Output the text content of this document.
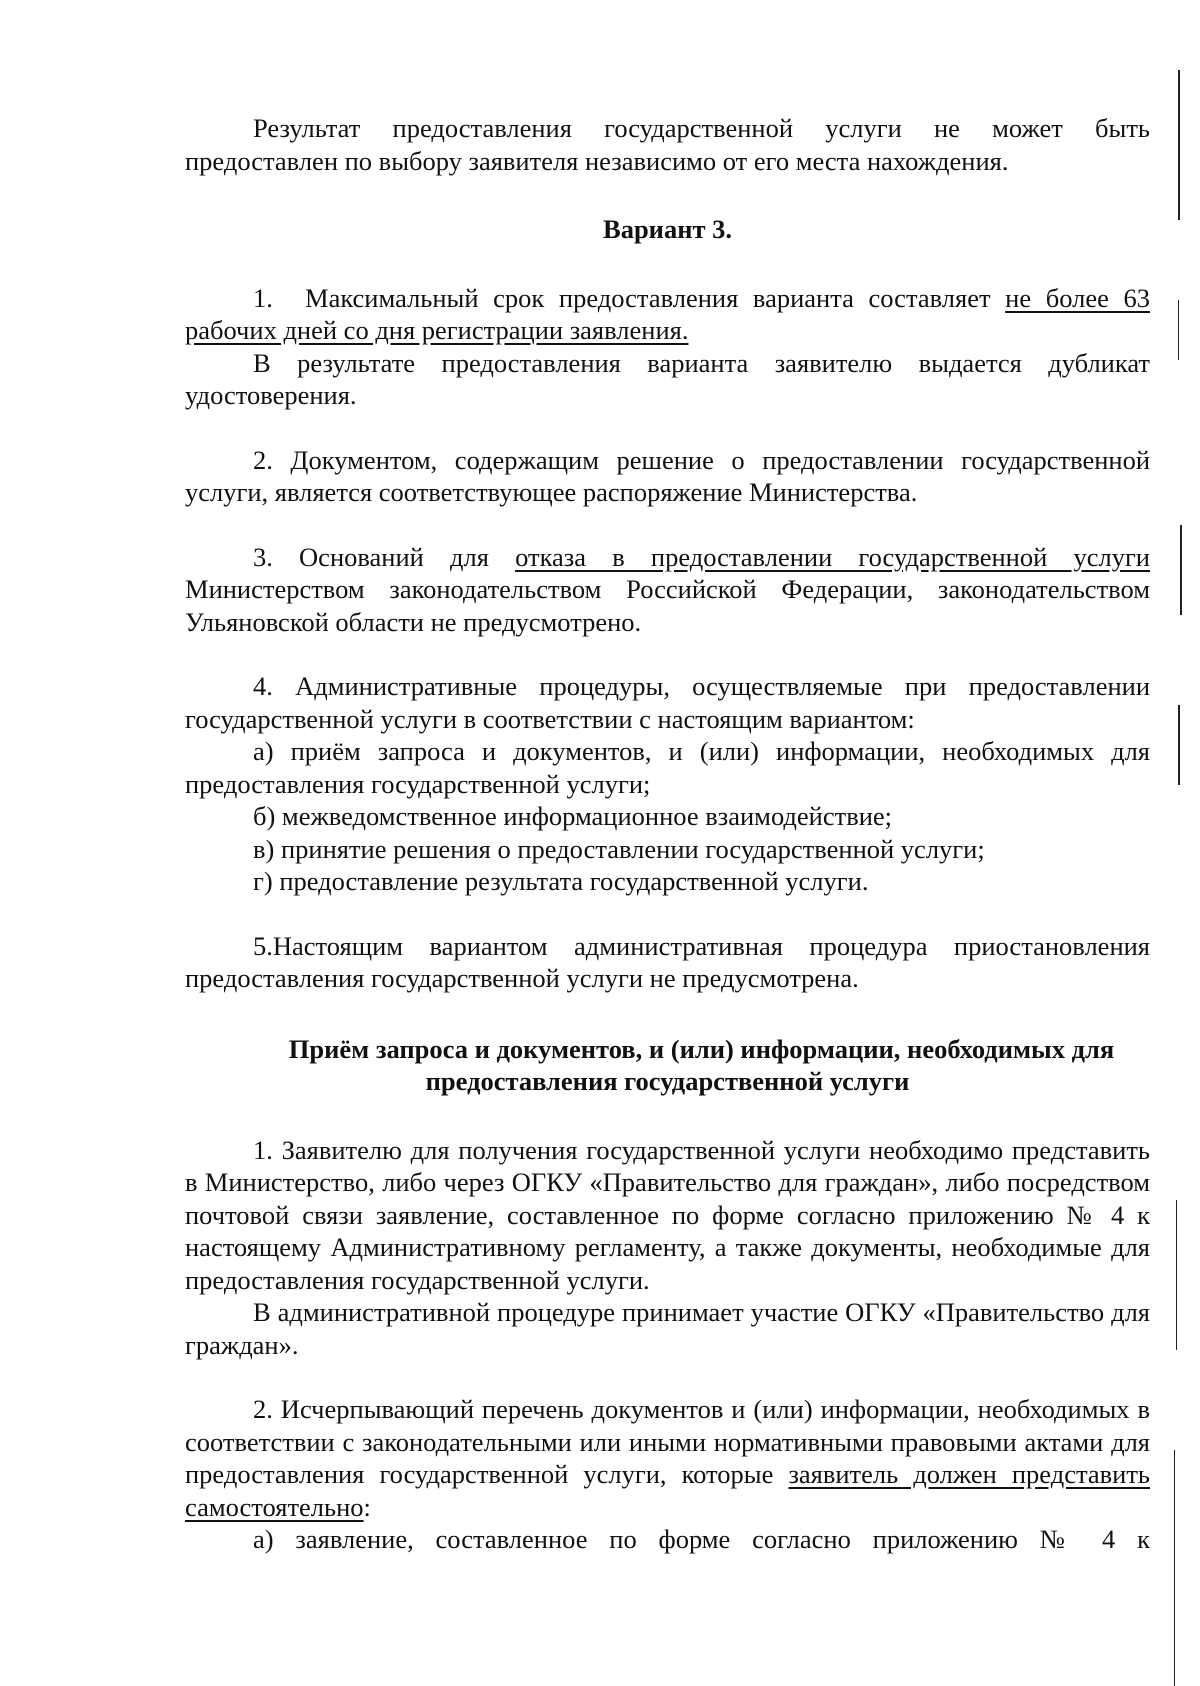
Результат предоставления государственной услуги не может быть предоставлен по выбору заявителя независимо от его места нахождения.

Вариант 3.

1. Максимальный срок предоставления варианта составляет не более 63 рабочих дней со дня регистрации заявления.

В результате предоставления варианта заявителю выдается дубликат удостоверения.

2. Документом, содержащим решение о предоставлении государственной услуги, является соответствующее распоряжение Министерства.

3. Оснований для отказа в предоставлении государственной услуги Министерством законодательством Российской Федерации, законодательством Ульяновской области не предусмотрено.

4. Административные процедуры, осуществляемые при предоставлении государственной услуги в соответствии с настоящим вариантом:

а) приём запроса и документов, и (или) информации, необходимых для предоставления государственной услуги;

б) межведомственное информационное взаимодействие;

в) принятие решения о предоставлении государственной услуги;

г) предоставление результата государственной услуги.

5.Настоящим вариантом административная процедура приостановления предоставления государственной услуги не предусмотрена.

Приём запроса и документов, и (или) информации, необходимых для

предоставления государственной услуги

1. Заявителю для получения государственной услуги необходимо представить в Министерство, либо через ОГКУ «Правительство для граждан», либо посредством почтовой связи заявление, составленное по форме согласно приложению № 4 к настоящему Административному регламенту, а также документы, необходимые для предоставления государственной услуги.

В административной процедуре принимает участие ОГКУ «Правительство для граждан».

2. Исчерпывающий перечень документов и (или) информации, необходимых в соответствии с законодательными или иными нормативными правовыми актами для предоставления государственной услуги, которые заявитель должен представить самостоятельно:

а) заявление, составленное по форме согласно приложению № 4 к
